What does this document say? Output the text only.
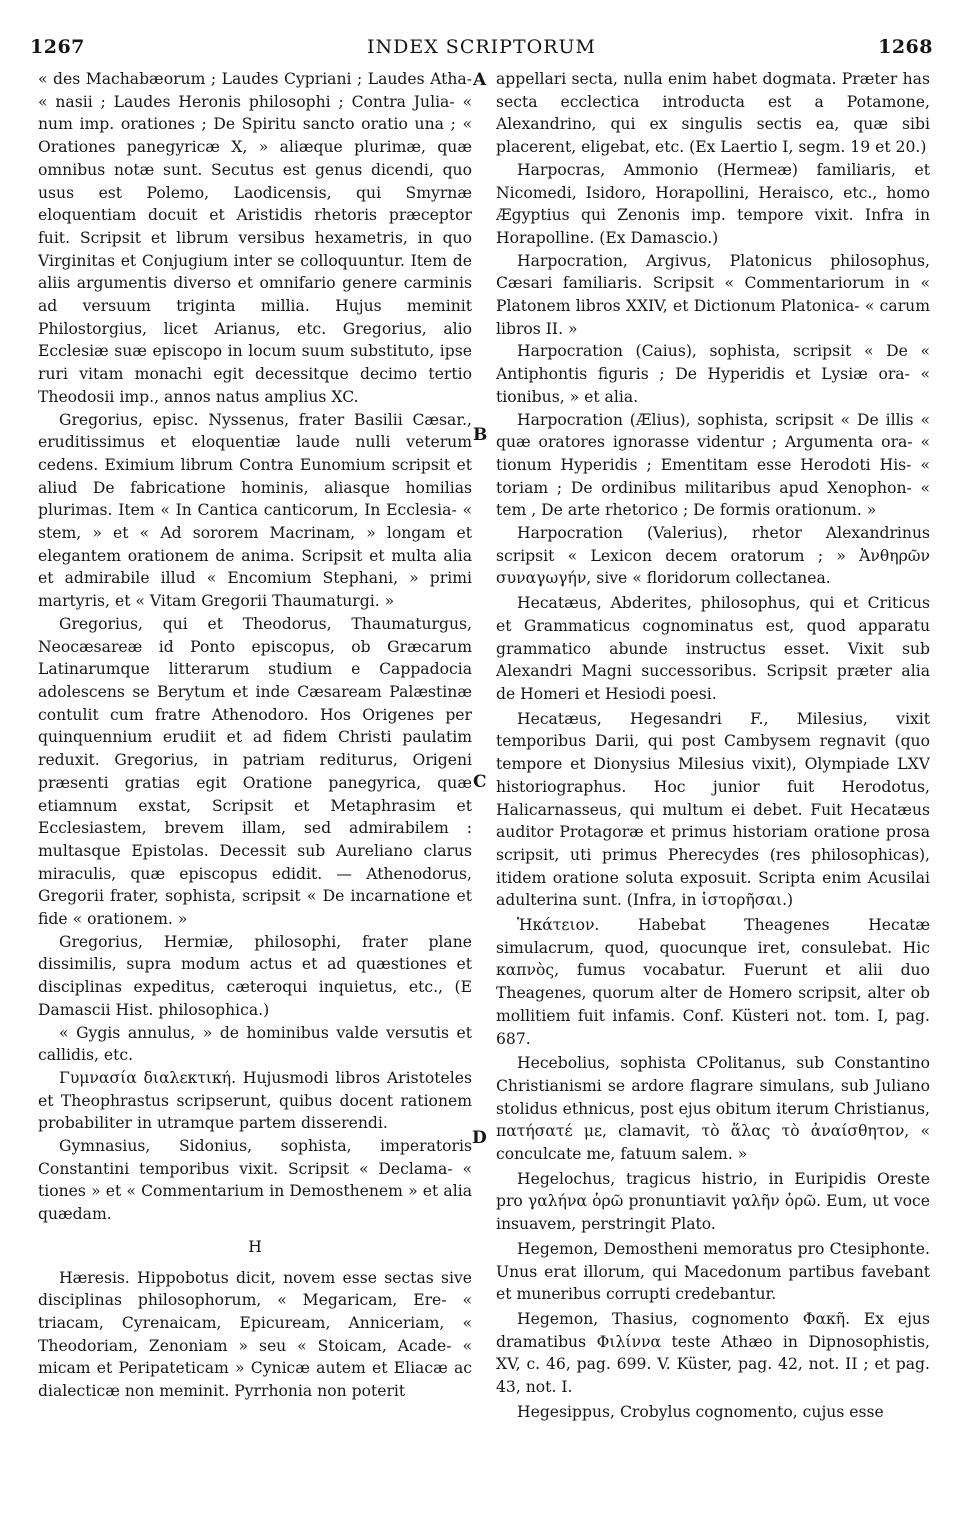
1267	INDEX SCRIPTORUM	1268
A
B
C
D

« des Machabæorum ; Laudes Cypriani ; Laudes Atha- « nasii ; Laudes Heronis philosophi ; Contra Julia- « num imp. orationes ; De Spiritu sancto oratio una ; « Orationes panegyricæ X, » aliæque plurimæ, quæ omnibus notæ sunt. Secutus est genus dicendi, quo usus est Polemo, Laodicensis, qui Smyrnæ eloquentiam docuit et Aristidis rhetoris præceptor fuit. Scripsit et librum versibus hexametris, in quo Virginitas et Conjugium inter se colloquuntur. Item de aliis argumentis diverso et omnifario genere carminis ad versuum triginta millia. Hujus meminit Philostorgius, licet Arianus, etc. Gregorius, alio Ecclesiæ suæ episcopo in locum suum substituto, ipse ruri vitam monachi egit decessitque decimo tertio Theodosii imp., annos natus amplius XC.

Gregorius, episc. Nyssenus, frater Basilii Cæsar., eruditissimus et eloquentiæ laude nulli veterum cedens. Eximium librum Contra Eunomium scripsit et aliud De fabricatione hominis, aliasque homilias plurimas. Item « In Cantica canticorum, In Ecclesia- « stem, » et « Ad sororem Macrinam, » longam et elegantem orationem de anima. Scripsit et multa alia et admirabile illud « Encomium Stephani, » primi martyris, et « Vitam Gregorii Thaumaturgi. »

Gregorius, qui et Theodorus, Thaumaturgus, Neocæsareæ id Ponto episcopus, ob Græcarum Latinarumque litterarum studium e Cappadocia adolescens se Berytum et inde Cæsaream Palæstinæ contulit cum fratre Athenodoro. Hos Origenes per quinquennium erudiit et ad fidem Christi paulatim reduxit. Gregorius, in patriam rediturus, Origeni præsenti gratias egit Oratione panegyrica, quæ etiamnum exstat, Scripsit et Metaphrasim et Ecclesiastem, brevem illam, sed admirabilem : multasque Epistolas. Decessit sub Aureliano clarus miraculis, quæ episcopus edidit. — Athenodorus, Gregorii frater, sophista, scripsit « De incarnatione et fide « orationem. »

Gregorius, Hermiæ, philosophi, frater plane dissimilis, supra modum actus et ad quæstiones et disciplinas expeditus, cæteroqui inquietus, etc., (E Damascii Hist. philosophica.)

« Gygis annulus, » de hominibus valde versutis et callidis, etc.

Γυμνασία διαλεκτική. Hujusmodi libros Aristoteles et Theophrastus scripserunt, quibus docent rationem probabiliter in utramque partem disserendi.

Gymnasius, Sidonius, sophista, imperatoris Constantini temporibus vixit. Scripsit « Declama- « tiones » et « Commentarium in Demosthenem » et alia quædam.

H

Hæresis. Hippobotus dicit, novem esse sectas sive disciplinas philosophorum, « Megaricam, Ere- « triacam, Cyrenaicam, Epicuream, Anniceriam, « Theodoriam, Zenoniam » seu « Stoicam, Acade- « micam et Peripateticam » Cynicæ autem et Eliacæ ac dialecticæ non meminit. Pyrrhonia non poterit

appellari secta, nulla enim habet dogmata. Præter has secta ecclectica introducta est a Potamone, Alexandrino, qui ex singulis sectis ea, quæ sibi placerent, eligebat, etc. (Ex Laertio I, segm. 19 et 20.)

Harpocras, Ammonio (Hermeæ) familiaris, et Nicomedi, Isidoro, Horapollini, Heraisco, etc., homo Ægyptius qui Zenonis imp. tempore vixit. Infra in Horapolline. (Ex Damascio.)

Harpocration, Argivus, Platonicus philosophus, Cæsari familiaris. Scripsit « Commentariorum in « Platonem libros XXIV, et Dictionum Platonica- « carum libros II. »

Harpocration (Caius), sophista, scripsit « De « Antiphontis figuris ; De Hyperidis et Lysiæ ora- « tionibus, » et alia.

Harpocration (Ælius), sophista, scripsit « De illis « quæ oratores ignorasse videntur ; Argumenta ora- « tionum Hyperidis ; Ementitam esse Herodoti His- « toriam ; De ordinibus militaribus apud Xenophon- « tem , De arte rhetorico ; De formis orationum. »

Harpocration (Valerius), rhetor Alexandrinus scripsit « Lexicon decem oratorum ; » Ἀνθηρῶν συναγωγήν, sive « floridorum collectanea.

Hecatæus, Abderites, philosophus, qui et Criticus et Grammaticus cognominatus est, quod apparatu grammatico abunde instructus esset. Vixit sub Alexandri Magni successoribus. Scripsit præter alia de Homeri et Hesiodi poesi.

Hecatæus, Hegesandri F., Milesius, vixit temporibus Darii, qui post Cambysem regnavit (quo tempore et Dionysius Milesius vixit), Olympiade LXV historiographus. Hoc junior fuit Herodotus, Halicarnasseus, qui multum ei debet. Fuit Hecatæus auditor Protagoræ et primus historiam oratione prosa scripsit, uti primus Pherecydes (res philosophicas), itidem oratione soluta exposuit. Scripta enim Acusilai adulterina sunt. (Infra, in ἱστορῆσαι.)

Ἡκάτειον. Habebat Theagenes Hecatæ simulacrum, quod, quocunque iret, consulebat. Hic καπνὸς, fumus vocabatur. Fuerunt et alii duo Theagenes, quorum alter de Homero scripsit, alter ob mollitiem fuit infamis. Conf. Küsteri not. tom. I, pag. 687.

Hecebolius, sophista CPolitanus, sub Constantino Christianismi se ardore flagrare simulans, sub Juliano stolidus ethnicus, post ejus obitum iterum Christianus, πατήσατέ με, clamavit, τὸ ἅλας τὸ ἀναίσθητον, « conculcate me, fatuum salem. »

Hegelochus, tragicus histrio, in Euripidis Oreste pro γαλήνα ὁρῶ pronuntiavit γαλῆν ὁρῶ. Eum, ut voce insuavem, perstringit Plato.

Hegemon, Demostheni memoratus pro Ctesiphonte. Unus erat illorum, qui Macedonum partibus favebant et muneribus corrupti credebantur.

Hegemon, Thasius, cognomento Φακῆ. Ex ejus dramatibus Φιλίννα teste Athæo in Dipnosophistis, XV, c. 46, pag. 699. V. Küster, pag. 42, not. II ; et pag. 43, not. I.

Hegesippus, Crobylus cognomento, cujus esse
